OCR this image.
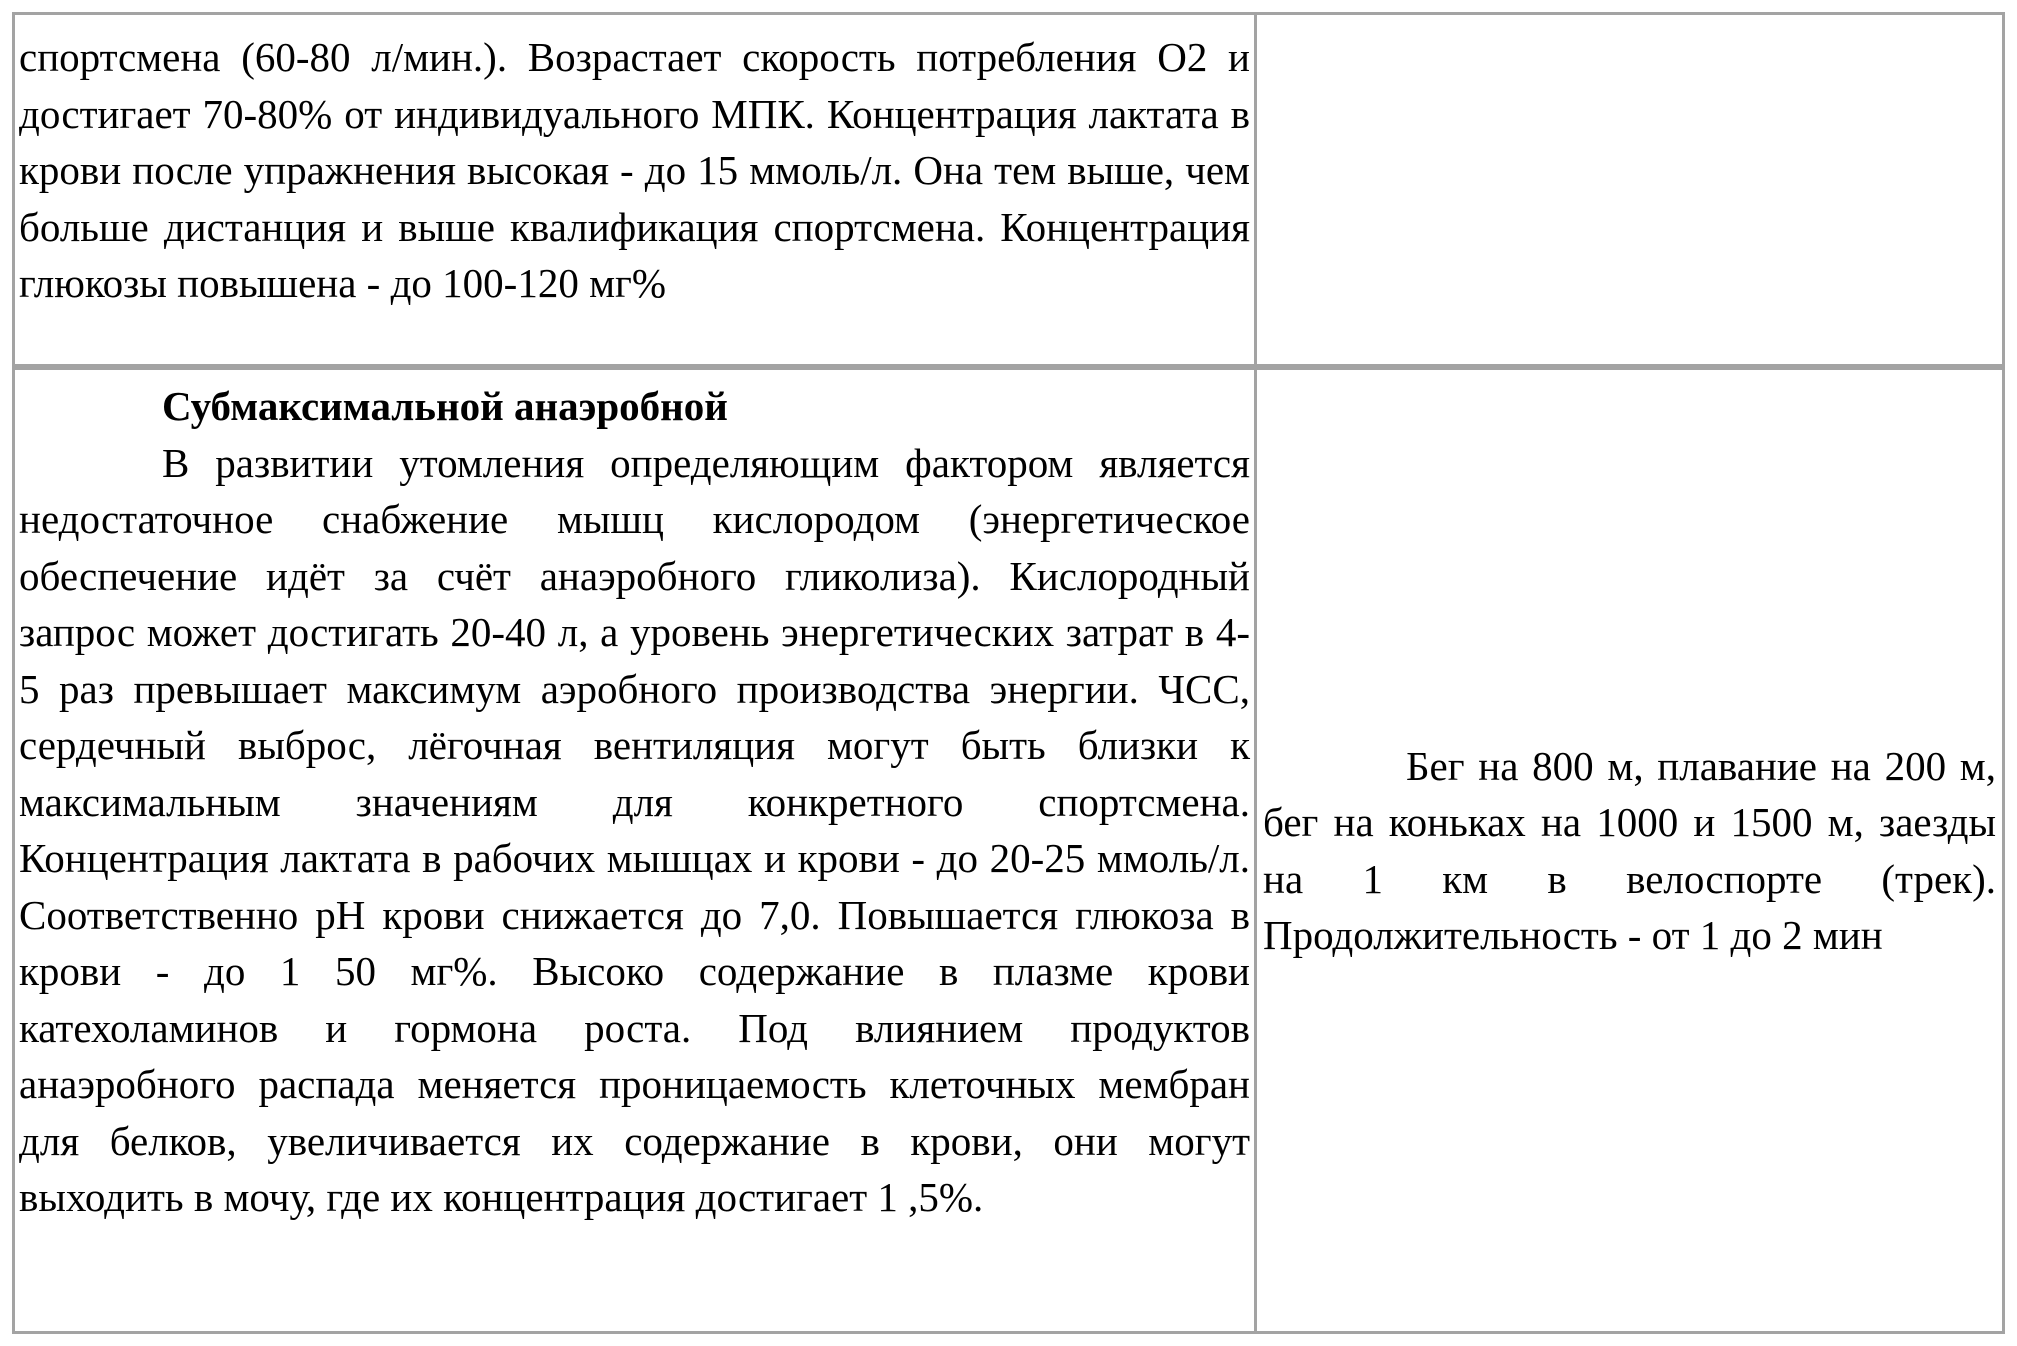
спортсмена (60-80 л/мин.). Возрастает скорость потребления О2 и достигает 70-80% от индивидуального МПК. Концентрация лактата в крови после упражнения высокая - до 15 ммоль/л. Она тем выше, чем больше дистанция и выше квалификация спортсмена. Концентрация глюкозы повышена - до 100-120 мг%

Субмаксимальной анаэробной

В развитии утомления определяющим фактором является недостаточное снабжение мышц кислородом (энергетическое обеспечение идёт за счёт анаэробного гликолиза). Кислородный запрос может достигать 20-40 л, а уровень энергетических затрат в 4-5 раз превышает максимум аэробного производства энергии. ЧСС, сердечный выброс, лёгочная вентиляция могут быть близки к максимальным значениям для конкретного спортсмена. Концентрация лактата в рабочих мышцах и крови - до 20-25 ммоль/л. Соответственно pH крови снижается до 7,0. Повышается глюкоза в крови - до 1 50 мг%. Высоко содержание в плазме крови катехоламинов и гормона роста. Под влиянием продуктов анаэробного распада меняется проницаемость клеточных мембран для белков, увеличивается их содержание в крови, они могут выходить в мочу, где их концентрация достигает 1 ,5%.

Бег на 800 м, плавание на 200 м, бег на коньках на 1000 и 1500 м, заезды на 1 км в велоспорте (трек). Продолжительность - от 1 до 2 мин
